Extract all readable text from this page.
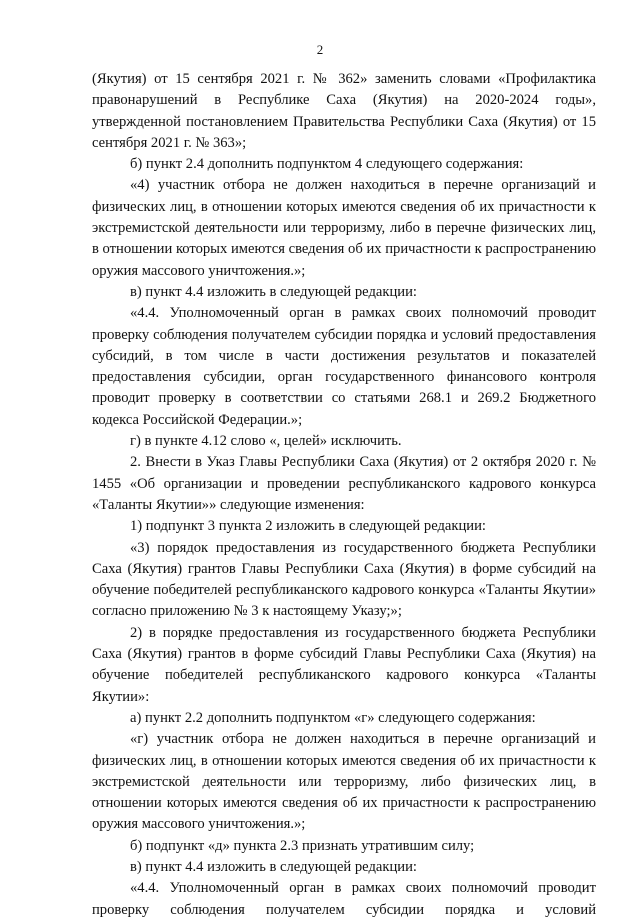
2

(Якутия) от 15 сентября 2021 г. № 362» заменить словами «Профилактика правонарушений в Республике Саха (Якутия) на 2020-2024 годы», утвержденной постановлением Правительства Республики Саха (Якутия) от 15 сентября 2021 г. № 363»;

б) пункт 2.4 дополнить подпунктом 4 следующего содержания:

«4) участник отбора не должен находиться в перечне организаций и физических лиц, в отношении которых имеются сведения об их причастности к экстремистской деятельности или терроризму, либо в перечне физических лиц, в отношении которых имеются сведения об их причастности к распространению оружия массового уничтожения.»;

в) пункт 4.4 изложить в следующей редакции:

«4.4. Уполномоченный орган в рамках своих полномочий проводит проверку соблюдения получателем субсидии порядка и условий предоставления субсидий, в том числе в части достижения результатов и показателей предоставления субсидии, орган государственного финансового контроля проводит проверку в соответствии со статьями 268.1 и 269.2 Бюджетного кодекса Российской Федерации.»;

г) в пункте 4.12 слово «, целей» исключить.

2. Внести в Указ Главы Республики Саха (Якутия) от 2 октября 2020 г. № 1455 «Об организации и проведении республиканского кадрового конкурса «Таланты Якутии»» следующие изменения:

1) подпункт 3 пункта 2 изложить в следующей редакции:

«3) порядок предоставления из государственного бюджета Республики Саха (Якутия) грантов Главы Республики Саха (Якутия) в форме субсидий на обучение победителей республиканского кадрового конкурса «Таланты Якутии» согласно приложению № 3 к настоящему Указу;»;

2) в порядке предоставления из государственного бюджета Республики Саха (Якутия) грантов в форме субсидий Главы Республики Саха (Якутия) на обучение победителей республиканского кадрового конкурса «Таланты Якутии»:

а) пункт 2.2 дополнить подпунктом «г» следующего содержания:

«г) участник отбора не должен находиться в перечне организаций и физических лиц, в отношении которых имеются сведения об их причастности к экстремистской деятельности или терроризму, либо физических лиц, в отношении которых имеются сведения об их причастности к распространению оружия массового уничтожения.»;

б) подпункт «д» пункта 2.3 признать утратившим силу;

в) пункт 4.4 изложить в следующей редакции:

«4.4. Уполномоченный орган в рамках своих полномочий проводит проверку соблюдения получателем субсидии порядка и условий
